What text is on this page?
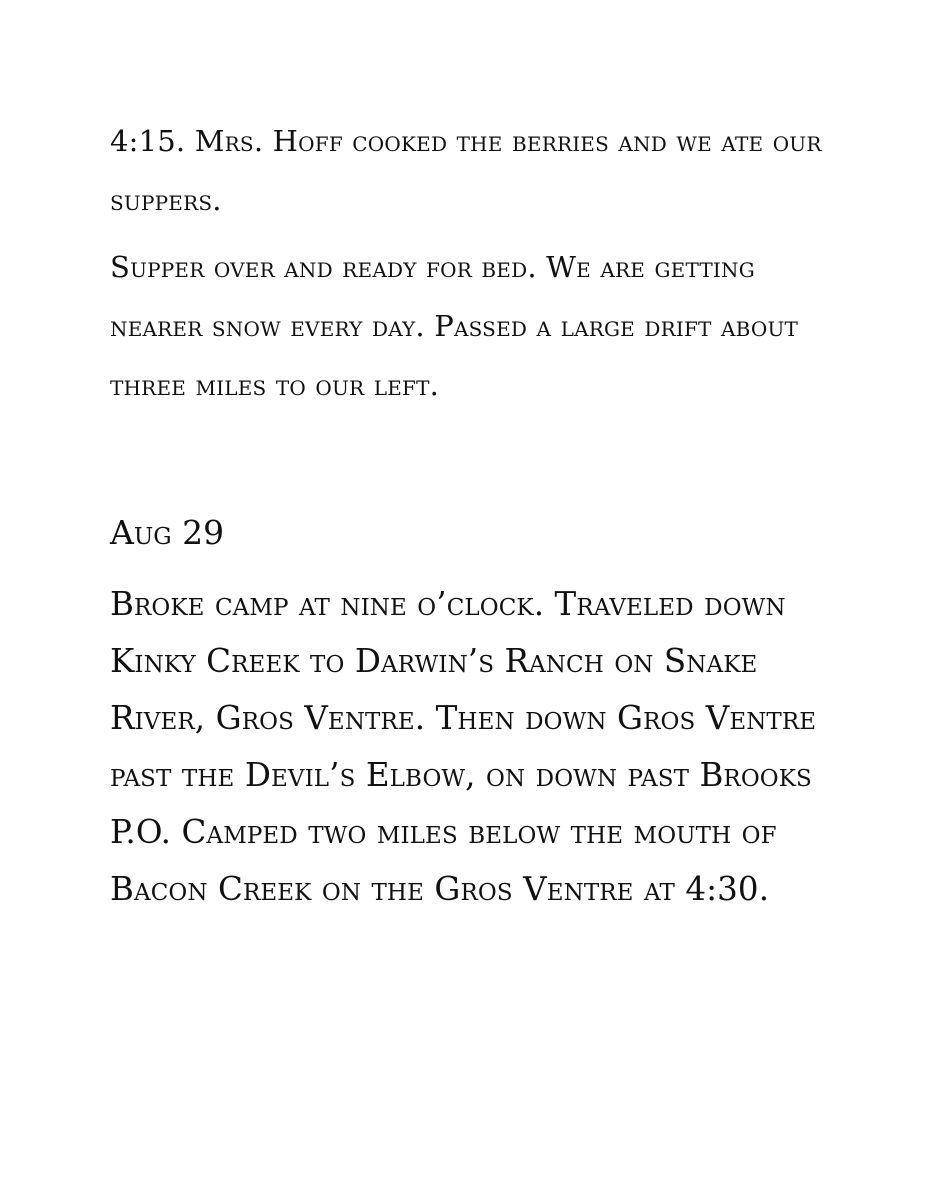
4:15. Mrs. Hoff cooked the berries and we ate our suppers.

Supper over and ready for bed. We are getting nearer snow every day. Passed a large drift about three miles to our left.

Aug 29

Broke camp at nine o’clock. Traveled down Kinky Creek to Darwin’s Ranch on Snake River, Gros Ventre. Then down Gros Ventre past the Devil’s Elbow, on down past Brooks P.O. Camped two miles below the mouth of Bacon Creek on the Gros Ventre at 4:30.
